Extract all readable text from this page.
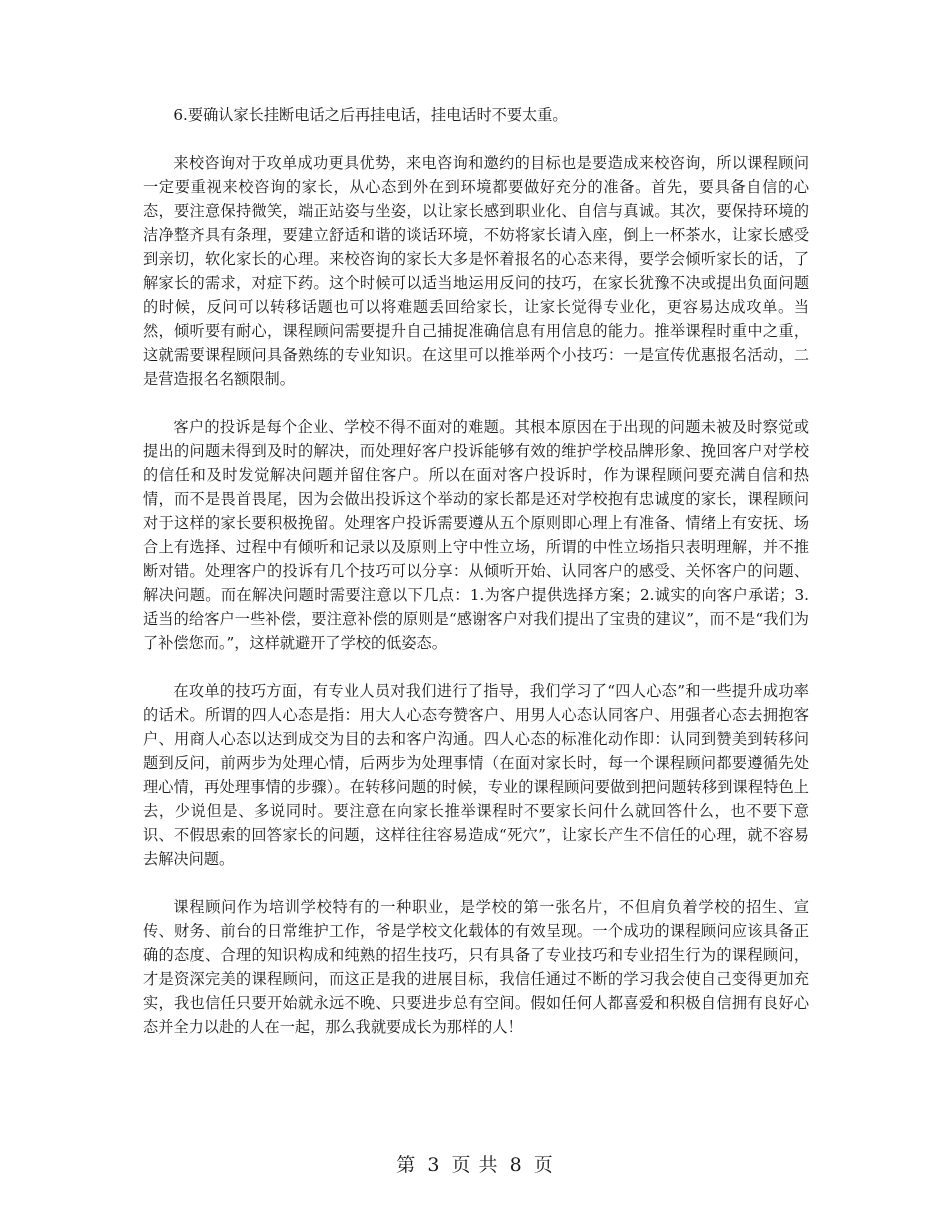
6.要确认家长挂断电话之后再挂电话，挂电话时不要太重。

来校咨询对于攻单成功更具优势，来电咨询和邀约的目标也是要造成来校咨询，所以课程顾问一定要重视来校咨询的家长，从心态到外在到环境都要做好充分的准备。首先，要具备自信的心态，要注意保持微笑，端正站姿与坐姿，以让家长感到职业化、自信与真诚。其次，要保持环境的洁净整齐具有条理，要建立舒适和谐的谈话环境，不妨将家长请入座，倒上一杯茶水，让家长感受到亲切，软化家长的心理。来校咨询的家长大多是怀着报名的心态来得，要学会倾听家长的话，了解家长的需求，对症下药。这个时候可以适当地运用反问的技巧，在家长犹豫不决或提出负面问题的时候，反问可以转移话题也可以将难题丢回给家长，让家长觉得专业化，更容易达成攻单。当然，倾听要有耐心，课程顾问需要提升自己捕捉准确信息有用信息的能力。推举课程时重中之重，这就需要课程顾问具备熟练的专业知识。在这里可以推举两个小技巧：一是宣传优惠报名活动，二是营造报名名额限制。

客户的投诉是每个企业、学校不得不面对的难题。其根本原因在于出现的问题未被及时察觉或提出的问题未得到及时的解决，而处理好客户投诉能够有效的维护学校品牌形象、挽回客户对学校的信任和及时发觉解决问题并留住客户。所以在面对客户投诉时，作为课程顾问要充满自信和热情，而不是畏首畏尾，因为会做出投诉这个举动的家长都是还对学校抱有忠诚度的家长，课程顾问对于这样的家长要积极挽留。处理客户投诉需要遵从五个原则即心理上有准备、情绪上有安抚、场合上有选择、过程中有倾听和记录以及原则上守中性立场，所谓的中性立场指只表明理解，并不推断对错。处理客户的投诉有几个技巧可以分享：从倾听开始、认同客户的感受、关怀客户的问题、解决问题。而在解决问题时需要注意以下几点：1.为客户提供选择方案；2.诚实的向客户承诺；3.适当的给客户一些补偿，要注意补偿的原则是“感谢客户对我们提出了宝贵的建议”，而不是“我们为了补偿您而。”，这样就避开了学校的低姿态。

在攻单的技巧方面，有专业人员对我们进行了指导，我们学习了“四人心态”和一些提升成功率的话术。所谓的四人心态是指：用大人心态夸赞客户、用男人心态认同客户、用强者心态去拥抱客户、用商人心态以达到成交为目的去和客户沟通。四人心态的标准化动作即：认同到赞美到转移问题到反问，前两步为处理心情，后两步为处理事情（在面对家长时，每一个课程顾问都要遵循先处理心情，再处理事情的步骤）。在转移问题的时候，专业的课程顾问要做到把问题转移到课程特色上去，少说但是、多说同时。要注意在向家长推举课程时不要家长问什么就回答什么，也不要下意识、不假思索的回答家长的问题，这样往往容易造成“死穴”，让家长产生不信任的心理，就不容易去解决问题。

课程顾问作为培训学校特有的一种职业，是学校的第一张名片，不但肩负着学校的招生、宣传、财务、前台的日常维护工作，爷是学校文化载体的有效呈现。一个成功的课程顾问应该具备正确的态度、合理的知识构成和纯熟的招生技巧，只有具备了专业技巧和专业招生行为的课程顾问，才是资深完美的课程顾问，而这正是我的进展目标，我信任通过不断的学习我会使自己变得更加充实，我也信任只要开始就永远不晚、只要进步总有空间。假如任何人都喜爱和积极自信拥有良好心态并全力以赴的人在一起，那么我就要成长为那样的人！

第 3 页 共 8 页
